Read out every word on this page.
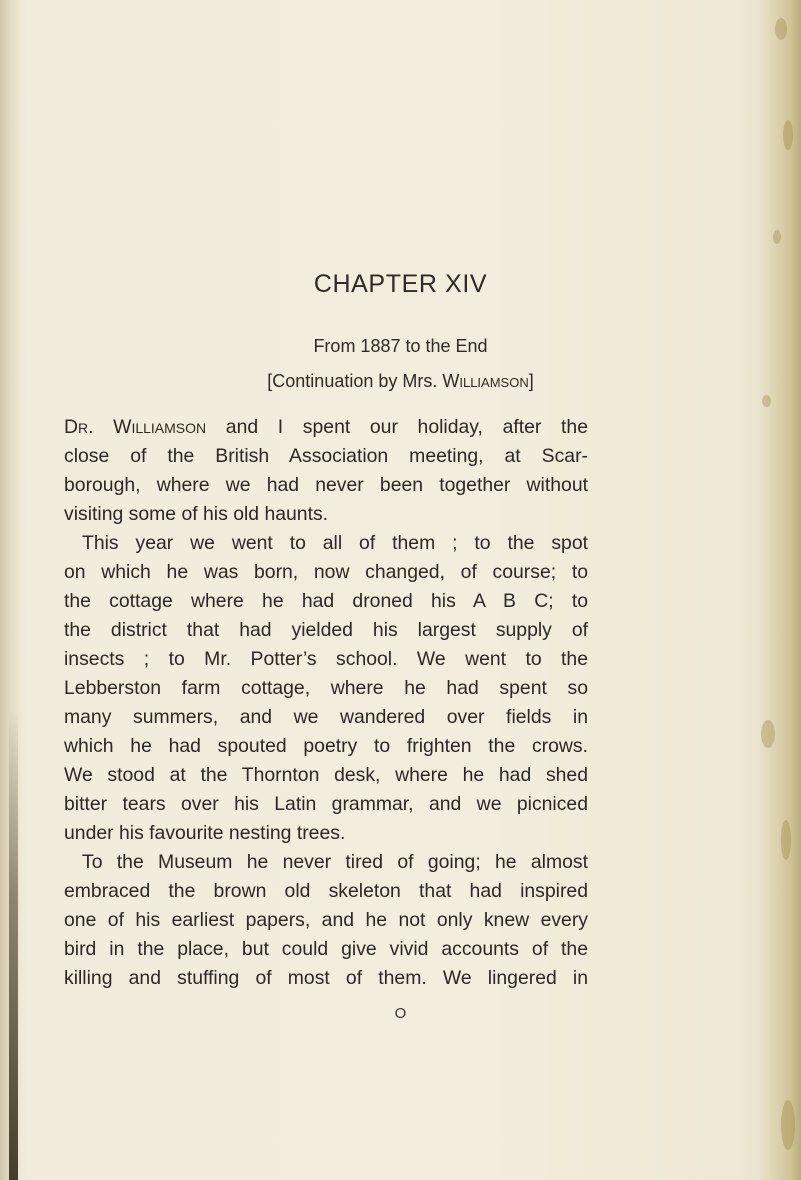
CHAPTER XIV
From 1887 to the End
[Continuation by Mrs. Williamson]
Dr. Williamson and I spent our holiday, after the
close of the British Association meeting, at Scar-
borough, where we had never been together without
visiting some of his old haunts.
This year we went to all of them ; to the spot
on which he was born, now changed, of course; to
the cottage where he had droned his A B C; to
the district that had yielded his largest supply of
insects ; to Mr. Potter’s school. We went to the
Lebberston farm cottage, where he had spent so
many summers, and we wandered over fields in
which he had spouted poetry to frighten the crows.
We stood at the Thornton desk, where he had shed
bitter tears over his Latin grammar, and we picniced
under his favourite nesting trees.
To the Museum he never tired of going; he almost
embraced the brown old skeleton that had inspired
one of his earliest papers, and he not only knew every
bird in the place, but could give vivid accounts of the
killing and stuffing of most of them. We lingered in
O
